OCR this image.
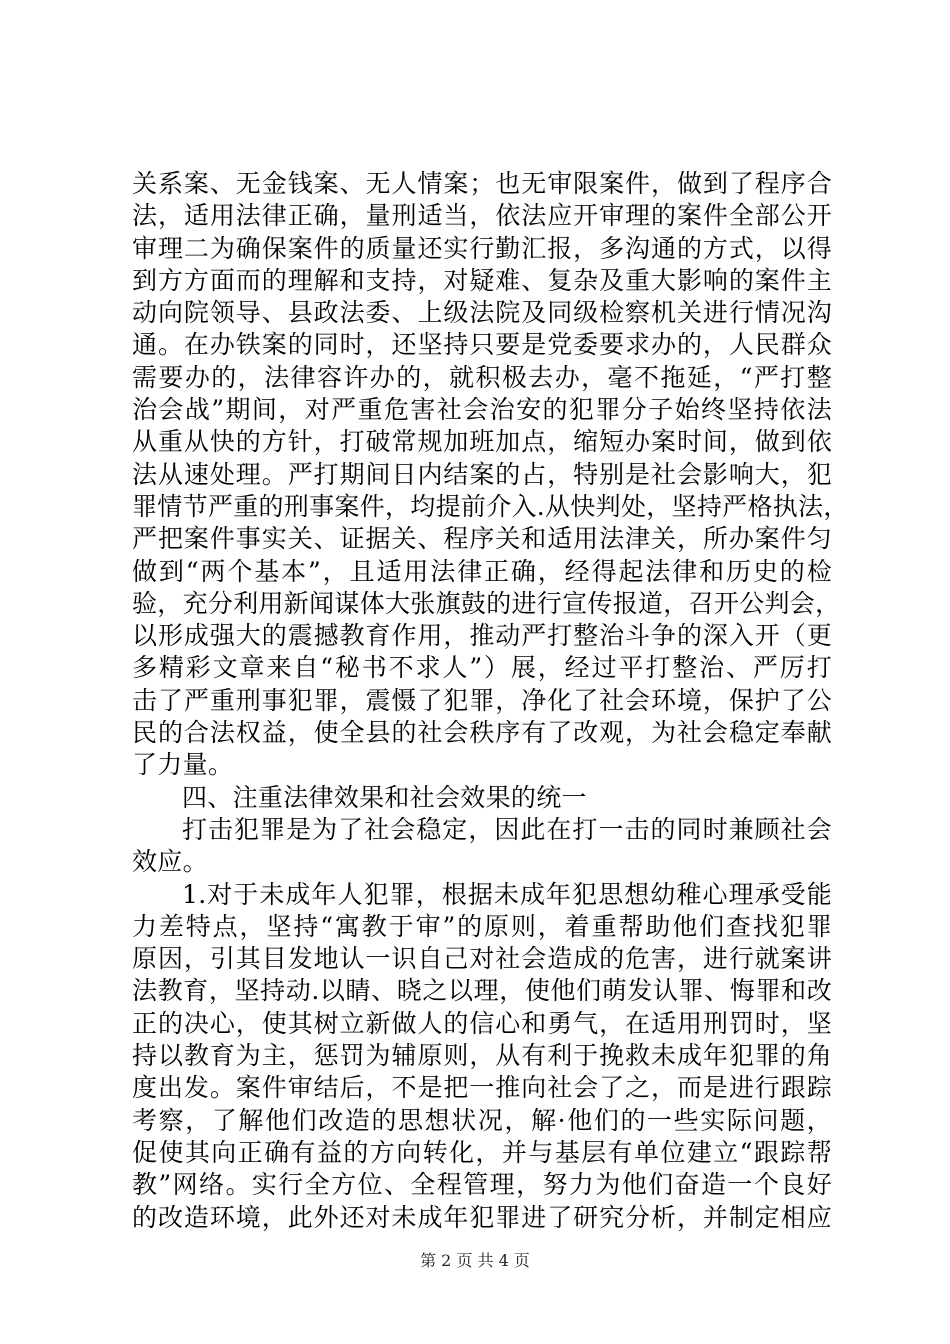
关系案、无金钱案、无人情案；也无审限案件，做到了程序合
法，适用法律正确，量刑适当，依法应开审理的案件全部公开
审理二为确保案件的质量还实行勤汇报，多沟通的方式，以得
到方方面而的理解和支持，对疑难、复杂及重大影响的案件主
动向院领导、县政法委、上级法院及同级检察机关进行情况沟
通。在办铁案的同时，还坚持只要是党委要求办的，人民群众
需要办的，法律容许办的，就积极去办，毫不拖延，“严打整
治会战”期间，对严重危害社会治安的犯罪分子始终坚持依法
从重从快的方针，打破常规加班加点，缩短办案时间，做到依
法从速处理。严打期间日内结案的占，特别是社会影响大，犯
罪情节严重的刑事案件，均提前介入.从快判处，坚持严格执法，
严把案件事实关、证据关、程序关和适用法津关，所办案件匀
做到“两个基本”，且适用法律正确，经得起法律和历史的检
验，充分利用新闻谋体大张旗鼓的进行宣传报道，召开公判会，
以形成强大的震撼教育作用，推动严打整治斗争的深入开（更
多精彩文章来自“秘书不求人”）展，经过平打整治、严厉打
击了严重刑事犯罪，震慑了犯罪，净化了社会环境，保护了公
民的合法权益，使全县的社会秩序有了改观，为社会稳定奉献
了力量。
四、注重法律效果和社会效果的统一
打击犯罪是为了社会稳定，因此在打一击的同时兼顾社会
效应。
1.对于未成年人犯罪，根据未成年犯思想幼稚心理承受能
力差特点，坚持“寓教于审”的原则，着重帮助他们查找犯罪
原因，引其目发地认一识自己对社会造成的危害，进行就案讲
法教育，坚持动.以睛、晓之以理，使他们萌发认罪、悔罪和改
正的决心，使其树立新做人的信心和勇气，在适用刑罚时，坚
持以教育为主，惩罚为辅原则，从有利于挽救未成年犯罪的角
度出发。案件审结后，不是把一推向社会了之，而是进行跟踪
考察，了解他们改造的思想状况，解·他们的一些实际问题，
促使其向正确有益的方向转化，并与基层有单位建立“跟踪帮
教”网络。实行全方位、全程管理，努力为他们奋造一个良好
的改造环境，此外还对未成年犯罪进了研究分析，并制定相应
第 2 页 共 4 页
